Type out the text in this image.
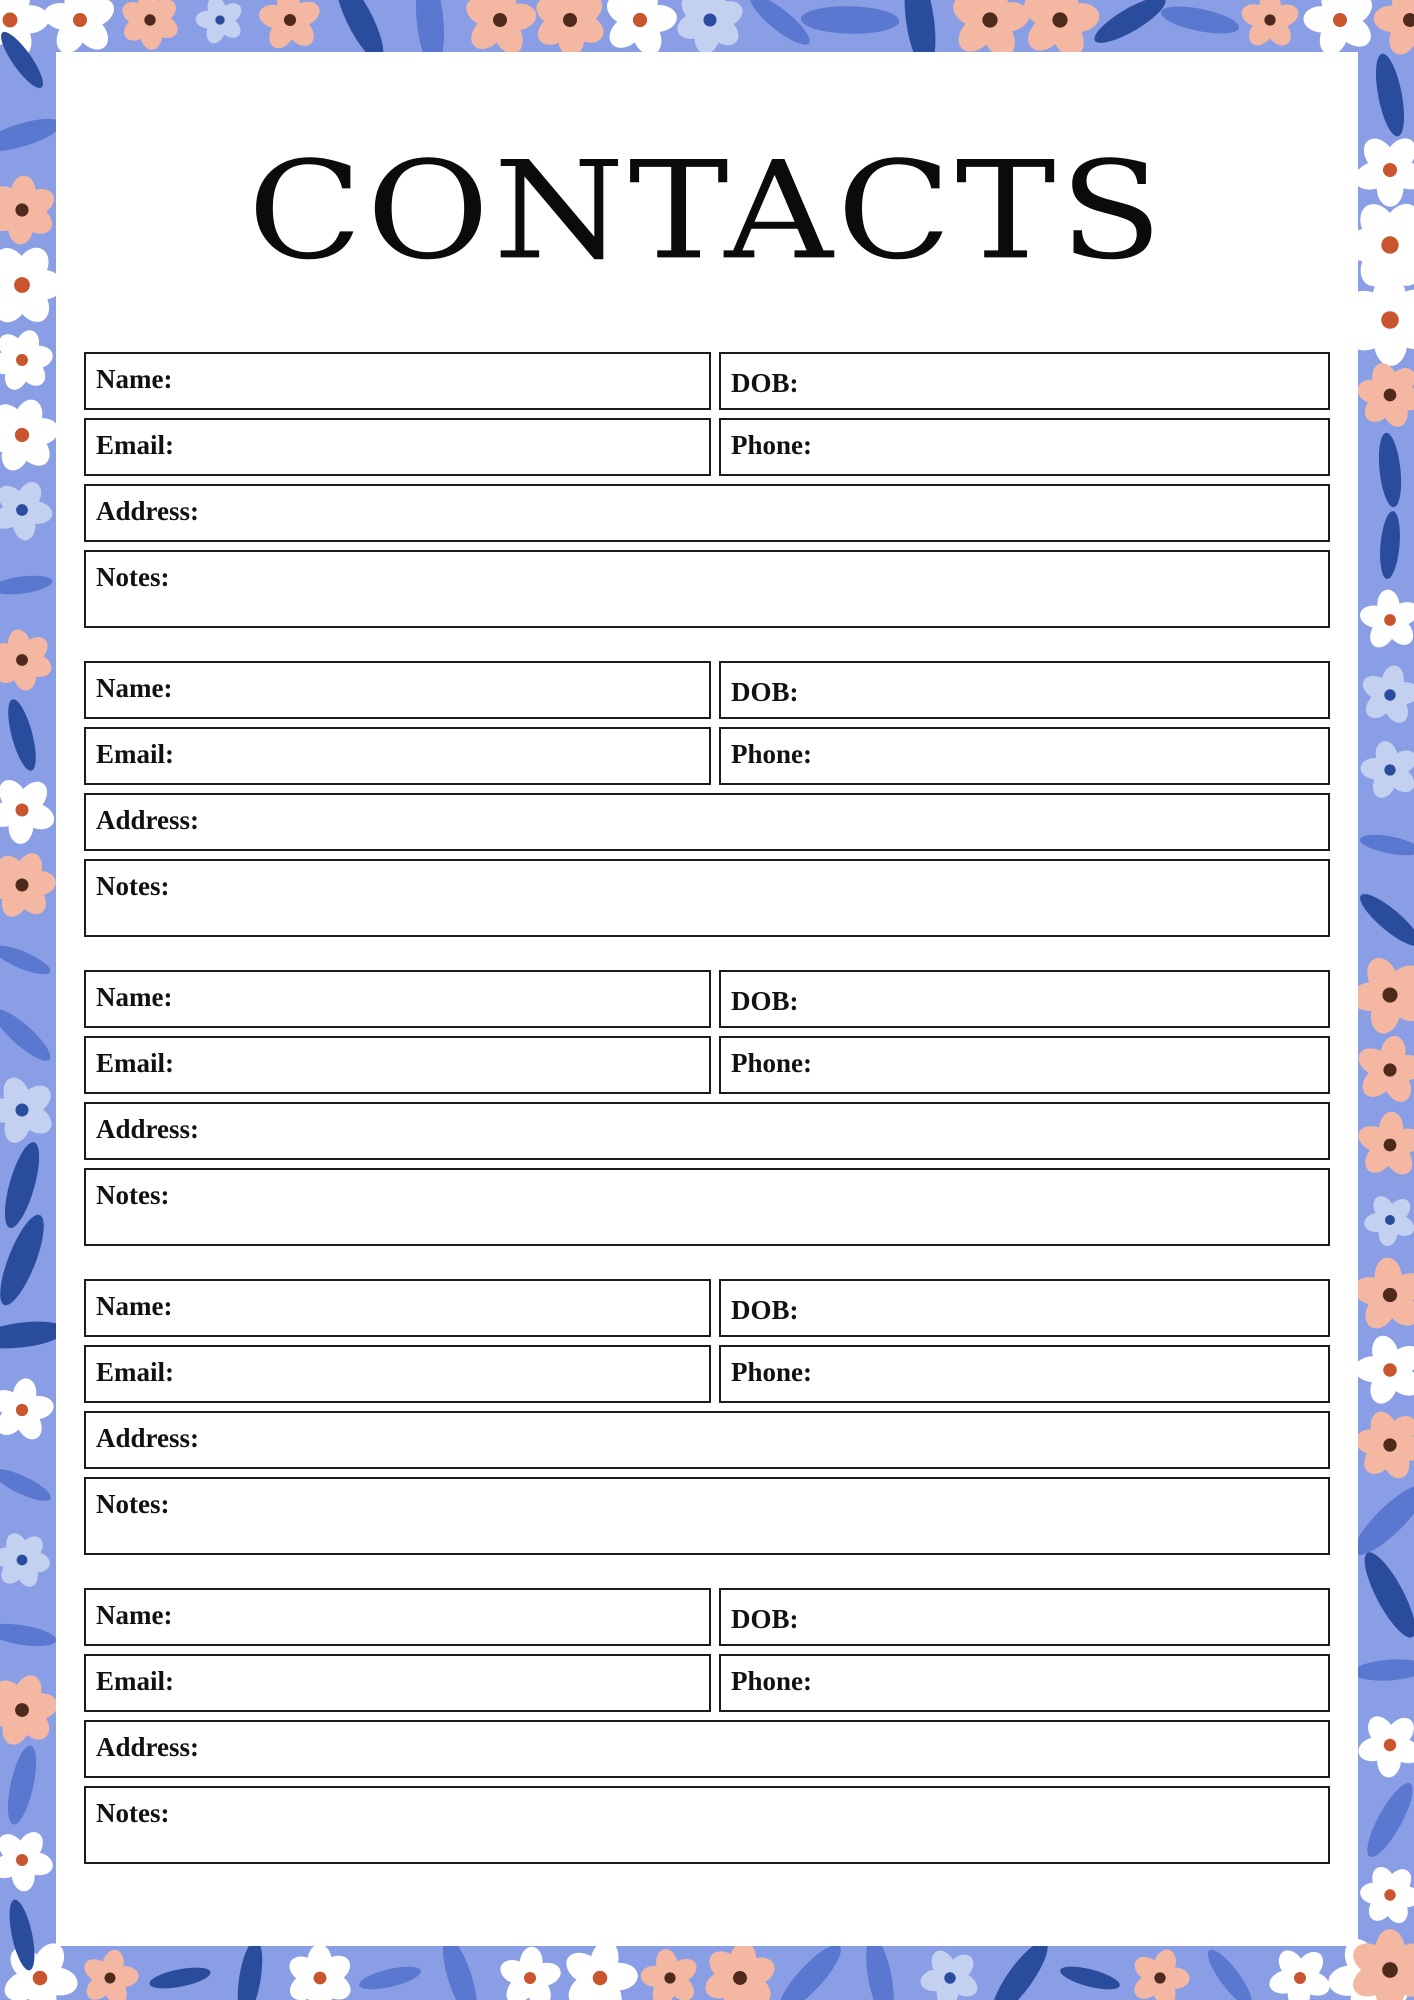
CONTACTS
Name:	DOB:
Email:	Phone:
Address:
Notes:
Name:	DOB:
Email:	Phone:
Address:
Notes:
Name:	DOB:
Email:	Phone:
Address:
Notes:
Name:	DOB:
Email:	Phone:
Address:
Notes:
Name:	DOB:
Email:	Phone:
Address:
Notes:
